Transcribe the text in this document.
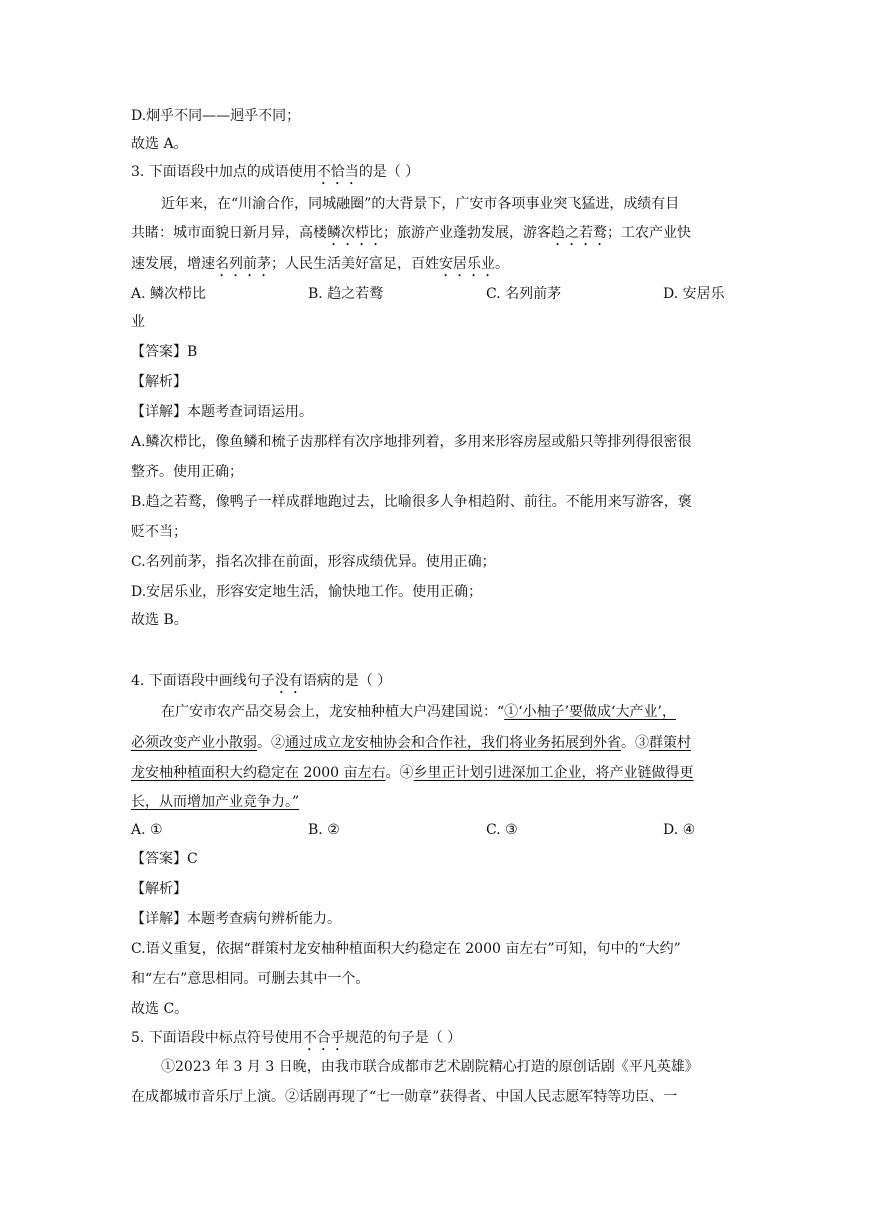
D.炯乎不同——迥乎不同；
故选 A。
3. 下面语段中加点的成语使用不恰当的是（ ）
近年来，在“川渝合作，同城融圈”的大背景下，广安市各项事业突飞猛进，成绩有目
共睹：城市面貌日新月异，高楼鳞次栉比；旅游产业蓬勃发展，游客趋之若鹜；工农产业快
速发展，增速名列前茅；人民生活美好富足，百姓安居乐业。
A. 鳞次栉比	B. 趋之若鹜	C. 名列前茅	D. 安居乐
业
【答案】B
【解析】
【详解】本题考查词语运用。
A.鳞次栉比，像鱼鳞和梳子齿那样有次序地排列着，多用来形容房屋或船只等排列得很密很
整齐。使用正确；
B.趋之若鹜，像鸭子一样成群地跑过去，比喻很多人争相趋附、前往。不能用来写游客，褒
贬不当；
C.名列前茅，指名次排在前面，形容成绩优异。使用正确；
D.安居乐业，形容安定地生活，愉快地工作。使用正确；
故选 B。
4. 下面语段中画线句子没有语病的是（ ）
在广安市农产品交易会上，龙安柚种植大户冯建国说：“①‘小柚子’要做成‘大产业’，
必须改变产业小散弱。②通过成立龙安柚协会和合作社，我们将业务拓展到外省。③群策村
龙安柚种植面积大约稳定在 2000 亩左右。④乡里正计划引进深加工企业，将产业链做得更
长，从而增加产业竞争力。”
A. ①	B. ②	C. ③	D. ④
【答案】C
【解析】
【详解】本题考查病句辨析能力。
C.语义重复，依据“群策村龙安柚种植面积大约稳定在 2000 亩左右”可知，句中的“大约”
和“左右”意思相同。可删去其中一个。
故选 C。
5. 下面语段中标点符号使用不合乎规范的句子是（ ）
①2023 年 3 月 3 日晚，由我市联合成都市艺术剧院精心打造的原创话剧《平凡英雄》
在成都城市音乐厅上演。②话剧再现了“七一勋章”获得者、中国人民志愿军特等功臣、一
